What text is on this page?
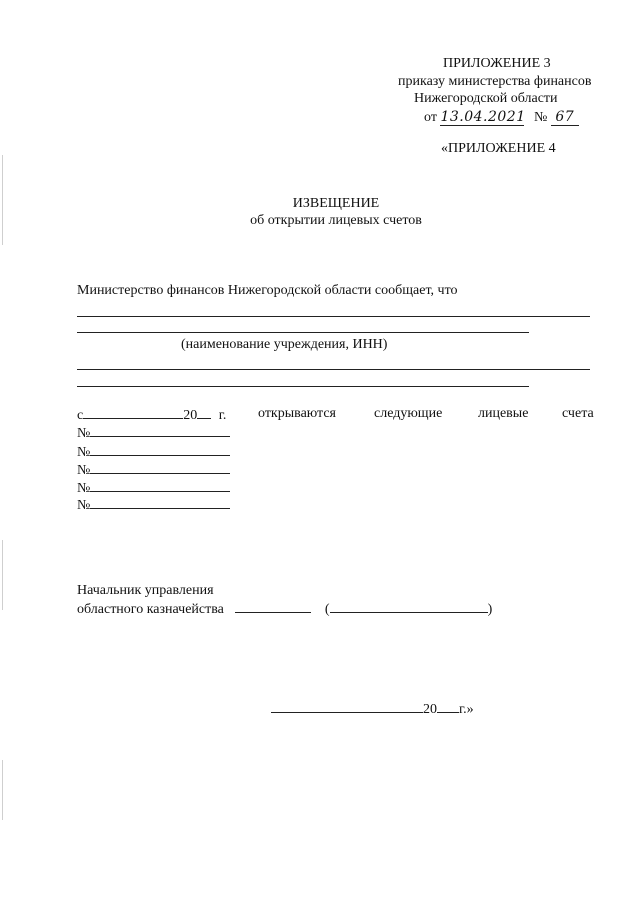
ПРИЛОЖЕНИЕ 3
приказу министерства финансов
Нижегородской области
от 13.04.2021 № 67
«ПРИЛОЖЕНИЕ 4
ИЗВЕЩЕНИЕ
об открытии лицевых счетов
Министерство финансов Нижегородской области сообщает, что
(наименование учреждения, ИНН)
с	20 г. открываются	следующие	лицевые счета
№
№
№
№
№
Начальник управления
областного казначейства	(	)
20 г.»
